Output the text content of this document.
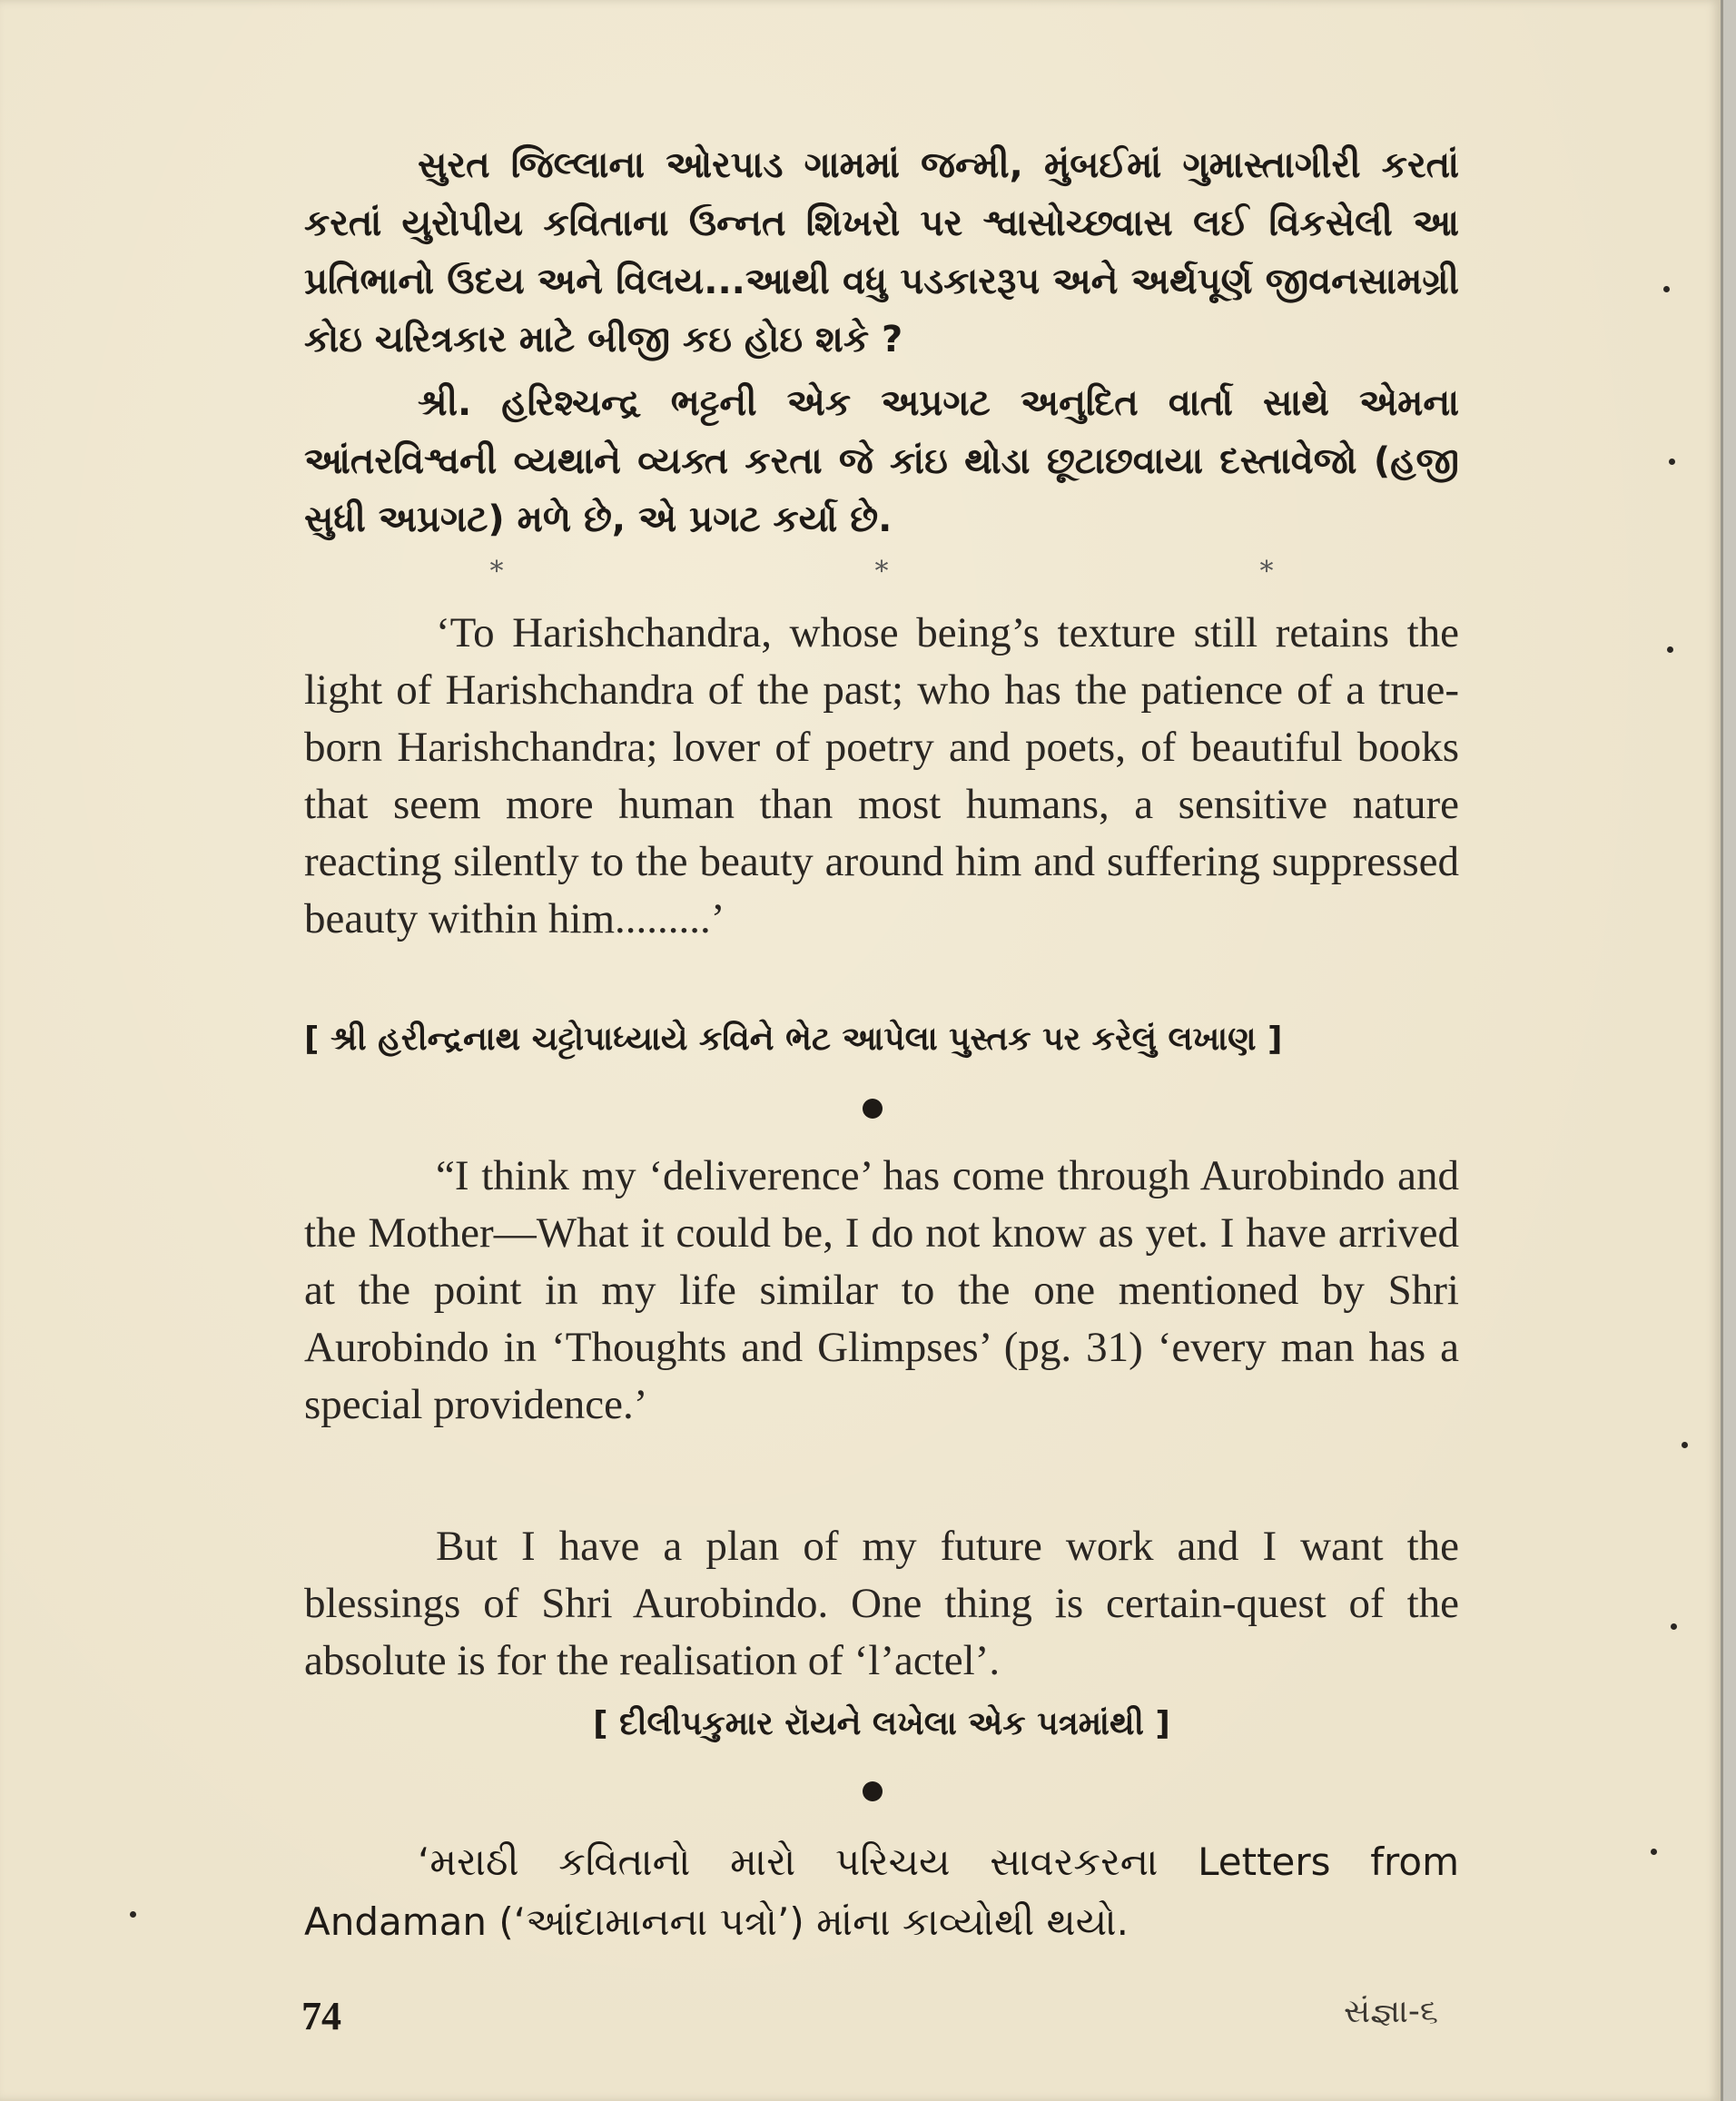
સુરત જિલ્લાના ઓરપાડ ગામમાં જન્મી, મુંબઈમાં ગુમાસ્તાગીરી કરતાં કરતાં યુરોપીય કવિતાના ઉન્નત શિખરો પર શ્વાસોચ્છ્વાસ લઈ વિકસેલી આ પ્રતિભાનો ઉદય અને વિલય...આથી વધુ પડકારરૂપ અને અર્થપૂર્ણ જીવનસામગ્રી કોઇ ચરિત્રકાર માટે બીજી કઇ હોઇ શકે ?

શ્રી. હરિશ્ચન્દ્ર ભટ્ટની એક અપ્રગટ અનુદિત વાર્તા સાથે એમના આંતરવિશ્વની વ્યથાને વ્યક્ત કરતા જે કાંઇ થોડા છૂટાછવાયા દસ્તાવેજો (હજી સુધી અપ્રગટ) મળે છે, એ પ્રગટ કર્યા છે.

*	*	*

‘To Harishchandra, whose being’s texture still retains the light of Harishchandra of the past; who has the patience of a true-born Harishchandra; lover of poetry and poets, of beautiful books that seem more human than most humans, a sensitive nature reacting silently to the beauty around him and suffering suppressed beauty within him.........’

[ શ્રી હરીન્દ્રનાથ ચટ્ટોપાધ્યાયે કવિને ભેટ આપેલા પુસ્તક પર કરેલું લખાણ ]

“I think my ‘deliverence’ has come through Aurobindo and the Mother—What it could be, I do not know as yet. I have arrived at the point in my life similar to the one mentioned by Shri Aurobindo in ‘Thoughts and Glimpses’ (pg. 31) ‘every man has a special providence.’

But I have a plan of my future work and I want the blessings of Shri Aurobindo. One thing is certain-quest of the absolute is for the realisation of ‘l’actel’.

[ દીલીપકુમાર રૉયને લખેલા એક પત્રમાંથી ]

‘મરાઠી કવિતાનો મારો પરિચય સાવરકરના Letters from Andaman (‘આંદામાનના પત્રો’) માંના કાવ્યોથી થયો.

74	સંજ્ઞા-૬
